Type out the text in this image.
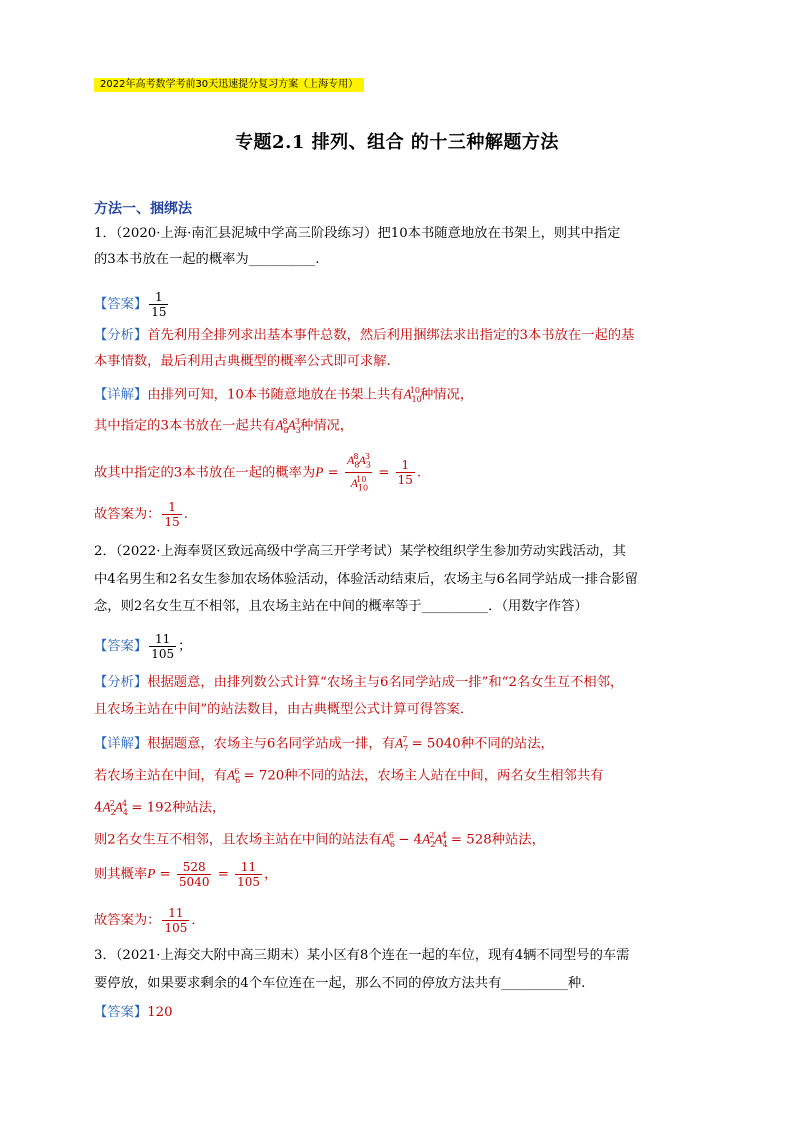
2022年高考数学考前30天迅速提分复习方案（上海专用）
专题2.1 排列、组合 的十三种解题方法
方法一、捆绑法
1．（2020·上海·南汇县泥城中学高三阶段练习）把10本书随意地放在书架上，则其中指定
的3本书放在一起的概率为__________.
【答案】 $\frac{1}{15}$
【分析】首先利用全排列求出基本事件总数，然后利用捆绑法求出指定的3本书放在一起的基
本事情数，最后利用古典概型的概率公式即可求解.
【详解】由排列可知，10本书随意地放在书架上共有$A_{10}^{10}$种情况，
其中指定的3本书放在一起共有$A_8^8A_3^3$种情况，
故其中指定的3本书放在一起的概率为$P = \frac{A_8^8A_3^3}{A_{10}^{10}} = \frac{1}{15}$ .
故答案为： $\frac{1}{15}$ .
2．（2022·上海奉贤区致远高级中学高三开学考试）某学校组织学生参加劳动实践活动，其
中4名男生和2名女生参加农场体验活动，体验活动结束后，农场主与6名同学站成一排合影留
念，则2名女生互不相邻，且农场主站在中间的概率等于__________．（用数字作答）
【答案】 $\frac{11}{105}$ ；
【分析】根据题意，由排列数公式计算“农场主与6名同学站成一排”和“2名女生互不相邻，
且农场主站在中间”的站法数目，由古典概型公式计算可得答案．
【详解】根据题意，农场主与6名同学站成一排，有$A_7^7 = 5040$种不同的站法，
若农场主站在中间，有$A_6^6 = 720$种不同的站法，农场主人站在中间，两名女生相邻共有
$4A_2^2A_4^4 = 192$种站法，
则2名女生互不相邻，且农场主站在中间的站法有$A_6^6 - 4A_2^2A_4^4 = 528$种站法，
则其概率$P = \frac{528}{5040} = \frac{11}{105}$ ，
故答案为： $\frac{11}{105}$ ．
3．（2021·上海交大附中高三期末）某小区有8个连在一起的车位，现有4辆不同型号的车需
要停放，如果要求剩余的4个车位连在一起，那么不同的停放方法共有__________种.
【答案】120
